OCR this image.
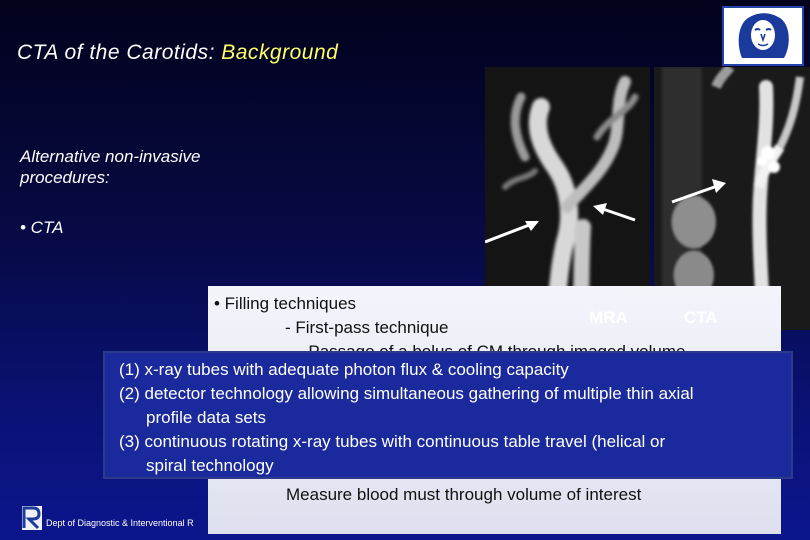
CTA of the Carotids: Background
Alternative non-invasive procedures:
• CTA
• Filling techniques
- First-pass technique
Measure blood must through volume of interest
MRA	CTA
(1) x-ray tubes with adequate photon flux & cooling capacity
(2) detector technology allowing simultaneous gathering of multiple thin axial
profile data sets
(3) continuous rotating x-ray tubes with continuous table travel (helical or
spiral technology
Dept of Diagnostic & Interventional R
